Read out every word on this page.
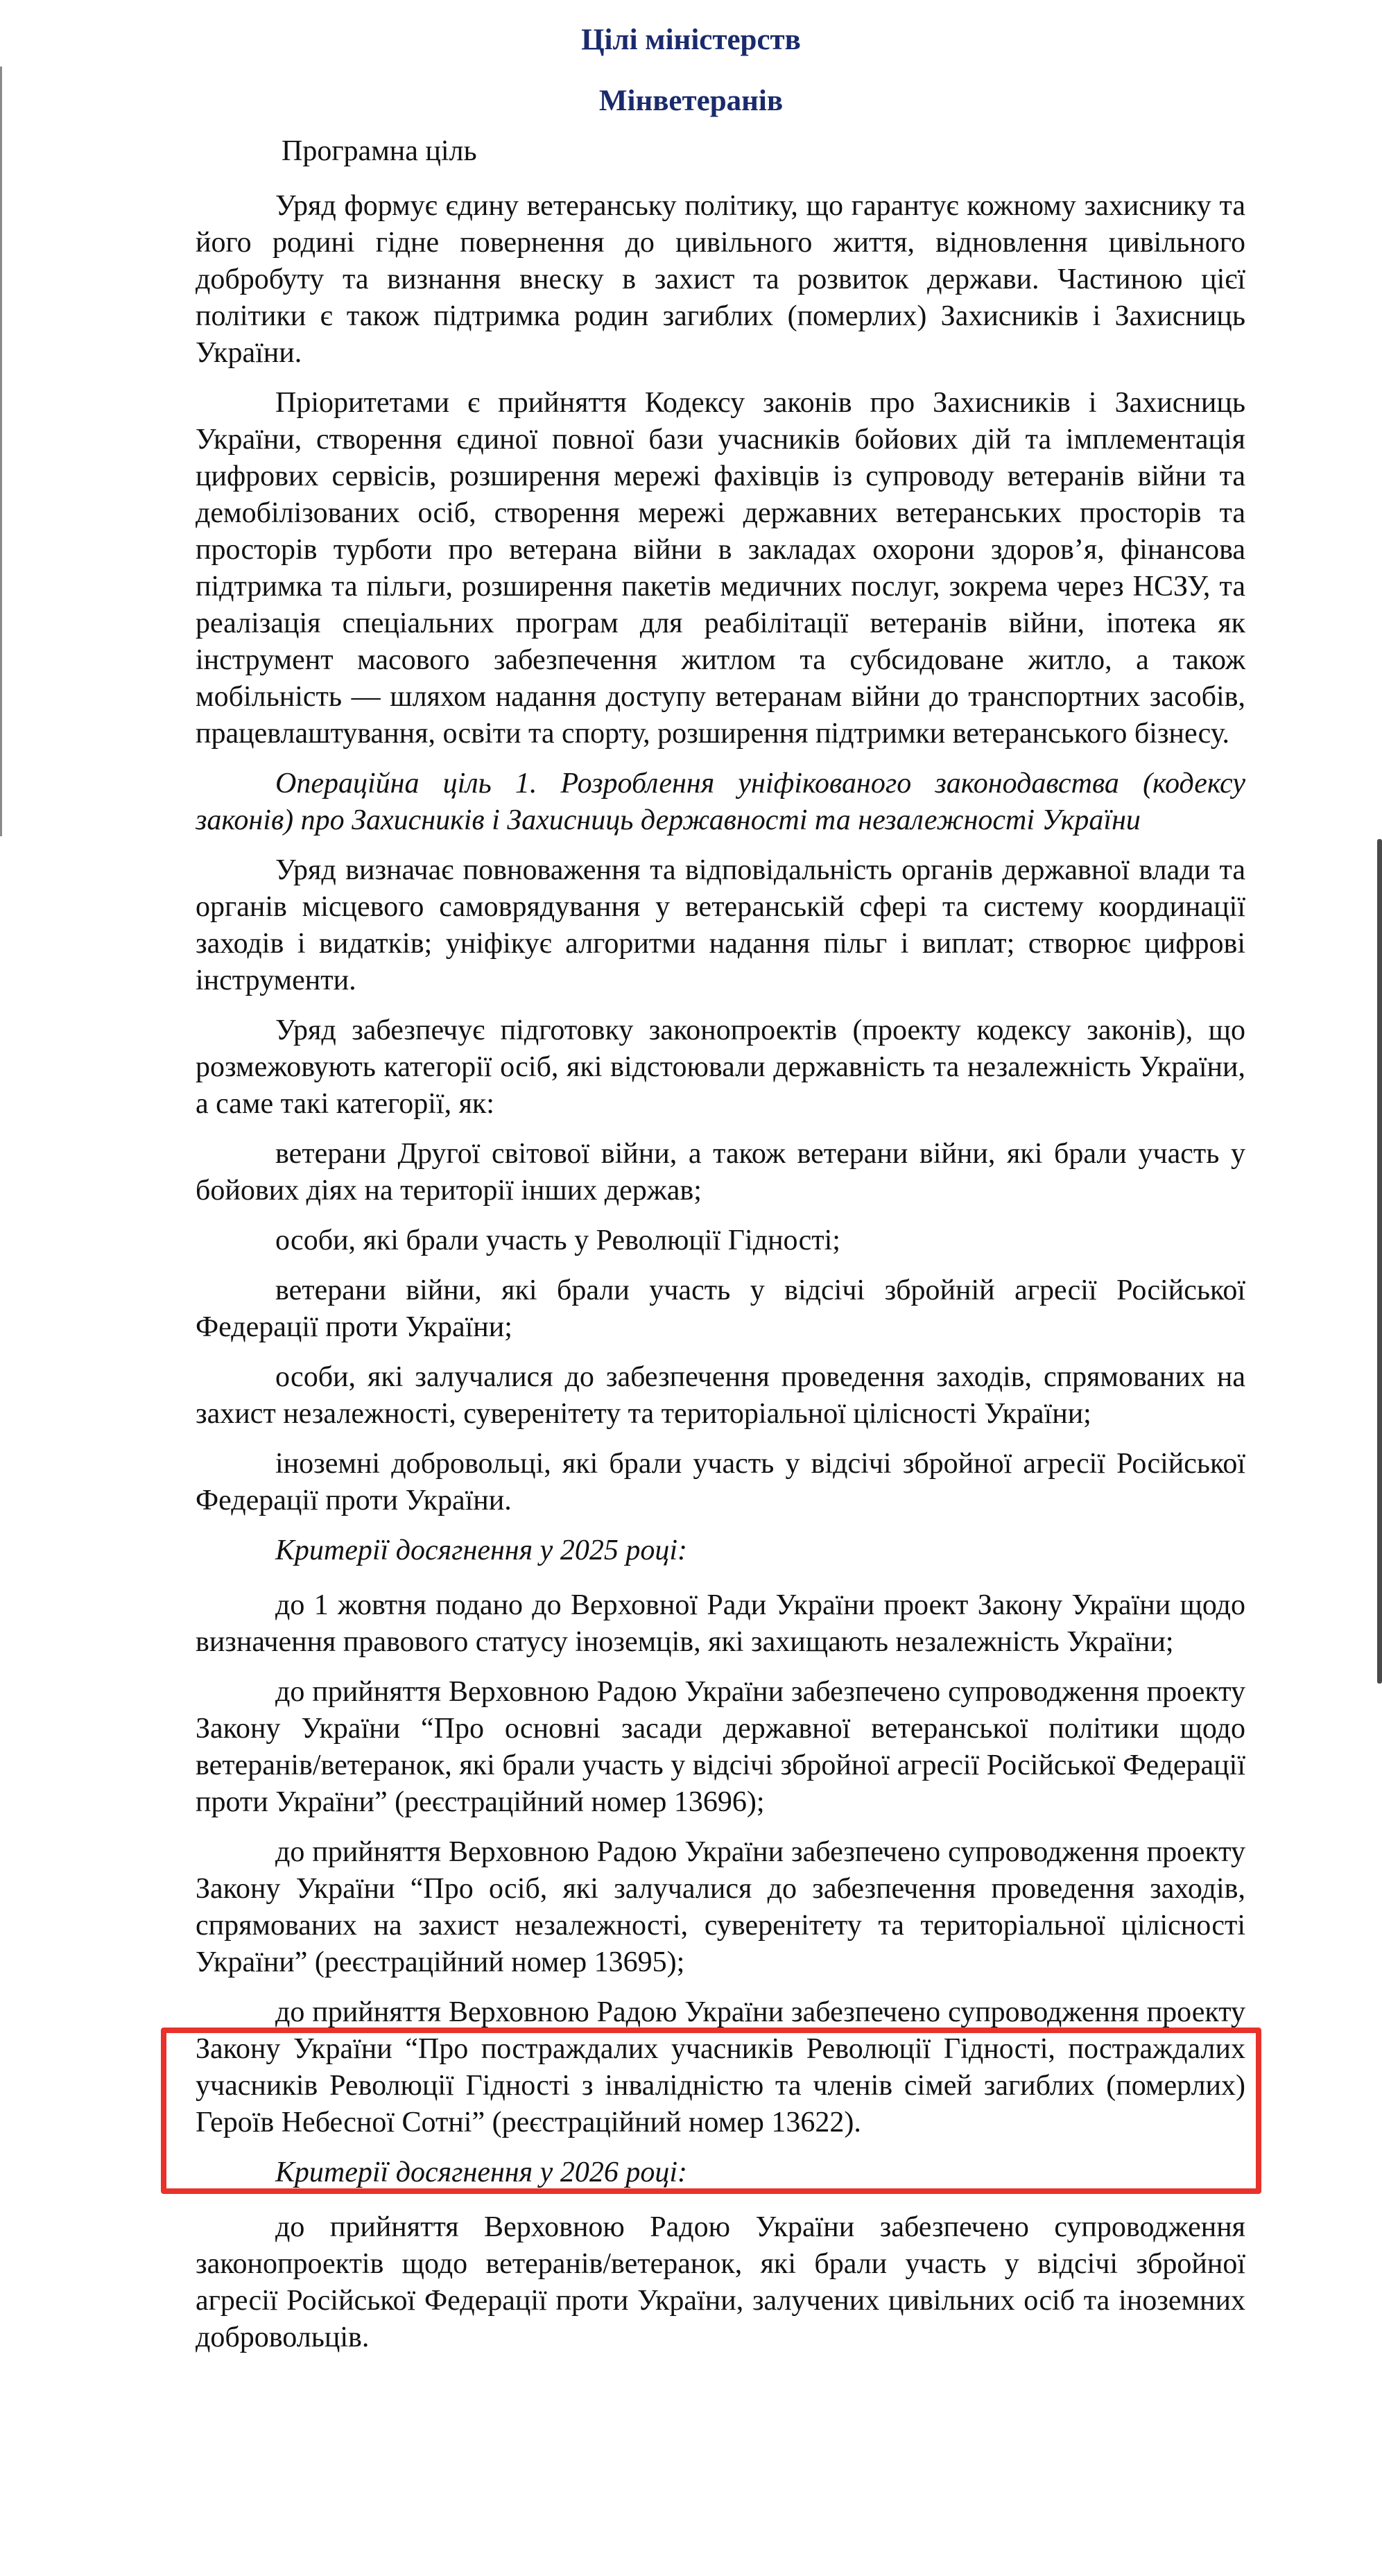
Цілі міністерств
Мінветеранів

Програмна ціль

Уряд формує єдину ветеранську політику, що гарантує кожному захиснику та його родині гідне повернення до цивільного життя, відновлення цивільного добробуту та визнання внеску в захист та розвиток держави. Частиною цієї політики є також підтримка родин загиблих (померлих) Захисників і Захисниць України.

Пріоритетами є прийняття Кодексу законів про Захисників і Захисниць України, створення єдиної повної бази учасників бойових дій та імплементація цифрових сервісів, розширення мережі фахівців із супроводу ветеранів війни та демобілізованих осіб, створення мережі державних ветеранських просторів та просторів турботи про ветерана війни в закладах охорони здоров’я, фінансова підтримка та пільги, розширення пакетів медичних послуг, зокрема через НСЗУ, та реалізація спеціальних програм для реабілітації ветеранів війни, іпотека як інструмент масового забезпечення житлом та субсидоване житло, а також мобільність — шляхом надання доступу ветеранам війни до транспортних засобів, працевлаштування, освіти та спорту, розширення підтримки ветеранського бізнесу.

Операційна ціль 1. Розроблення уніфікованого законодавства (кодексу законів) про Захисників і Захисниць державності та незалежності України

Уряд визначає повноваження та відповідальність органів державної влади та органів місцевого самоврядування у ветеранській сфері та систему координації заходів і видатків; уніфікує алгоритми надання пільг і виплат; створює цифрові інструменти.

Уряд забезпечує підготовку законопроектів (проекту кодексу законів), що розмежовують категорії осіб, які відстоювали державність та незалежність України, а саме такі категорії, як:

ветерани Другої світової війни, а також ветерани війни, які брали участь у бойових діях на території інших держав;

особи, які брали участь у Революції Гідності;

ветерани війни, які брали участь у відсічі збройній агресії Російської Федерації проти України;

особи, які залучалися до забезпечення проведення заходів, спрямованих на захист незалежності, суверенітету та територіальної цілісності України;

іноземні добровольці, які брали участь у відсічі збройної агресії Російської Федерації проти України.

Критерії досягнення у 2025 році:

до 1 жовтня подано до Верховної Ради України проект Закону України щодо визначення правового статусу іноземців, які захищають незалежність України;

до прийняття Верховною Радою України забезпечено супроводження проекту Закону України “Про основні засади державної ветеранської політики щодо ветеранів/ветеранок, які брали участь у відсічі збройної агресії Російської Федерації проти України” (реєстраційний номер 13696);

до прийняття Верховною Радою України забезпечено супроводження проекту Закону України “Про осіб, які залучалися до забезпечення проведення заходів, спрямованих на захист незалежності, суверенітету та територіальної цілісності України” (реєстраційний номер 13695);

до прийняття Верховною Радою України забезпечено супроводження проекту Закону України “Про постраждалих учасників Революції Гідності, постраждалих учасників Революції Гідності з інвалідністю та членів сімей загиблих (померлих) Героїв Небесної Сотні” (реєстраційний номер 13622).

Критерії досягнення у 2026 році:

до прийняття Верховною Радою України забезпечено супроводження законопроектів щодо ветеранів/ветеранок, які брали участь у відсічі збройної агресії Російської Федерації проти України, залучених цивільних осіб та іноземних добровольців.
